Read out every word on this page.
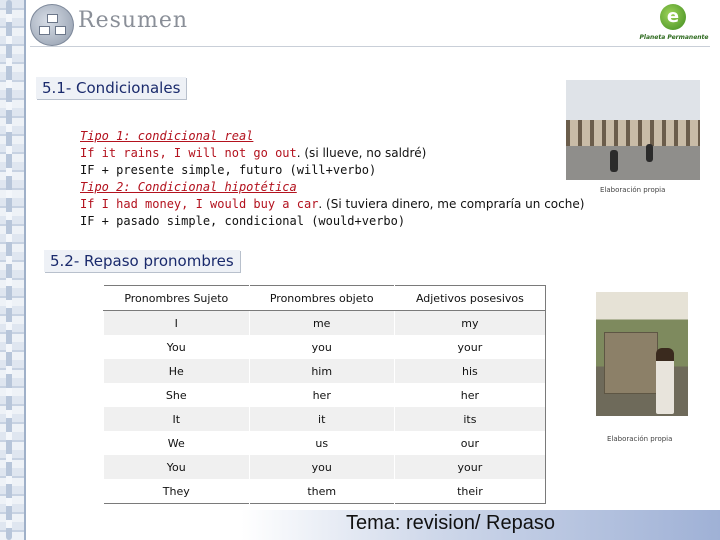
Resumen	e
Planeta Permanente
5.1- Condicionales
Tipo 1: condicional real
If it rains, I will not go out. (si llueve, no saldré)
IF + presente simple, futuro (will+verbo)
Tipo 2: Condicional hipotética
If I had money, I would buy a car. (Si tuviera dinero, me compraría un coche)
IF + pasado simple, condicional (would+verbo)
Elaboración propia
5.2- Repaso pronombres
Pronombres Sujeto	Pronombres objeto	Adjetivos posesivos
I	me	my
You	you	your
He	him	his
She	her	her
It	it	its
We	us	our
You	you	your
They	them	their
Elaboración propia
Tema: revision/ Repaso
